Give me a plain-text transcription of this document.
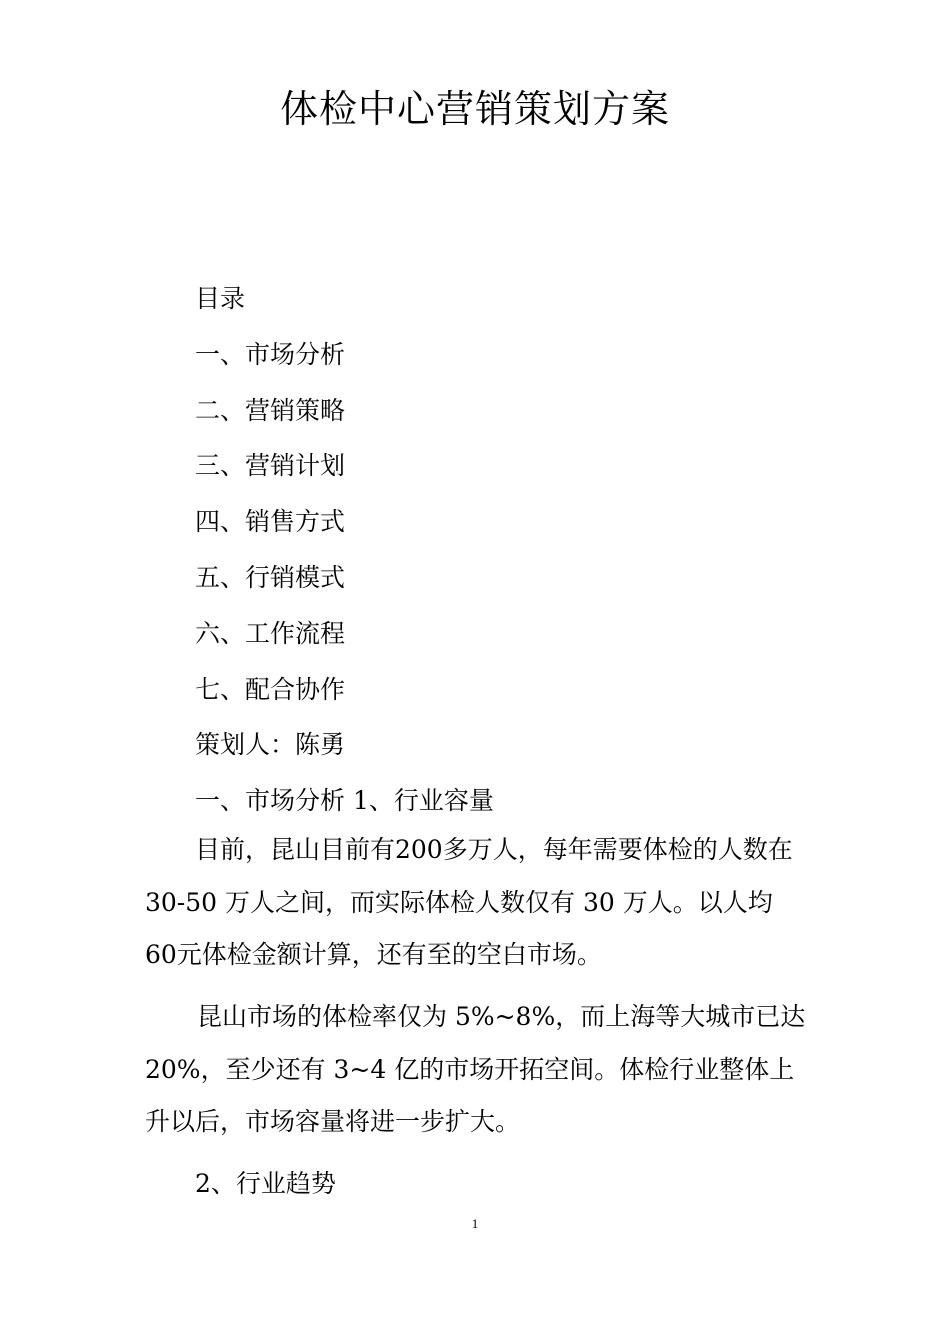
体检中心营销策划方案
目录
一、市场分析
二、营销策略
三、营销计划
四、销售方式
五、行销模式
六、工作流程
七、配合协作
策划人：陈勇
一、市场分析 1、行业容量

目前，昆山目前有200多万人，每年需要体检的人数在30-50 万人之间，而实际体检人数仅有 30 万人。以人均 60元体检金额计算，还有至的空白市场。

昆山市场的体检率仅为 5%~8%，而上海等大城市已达20%，至少还有 3~4 亿的市场开拓空间。体检行业整体上升以后，市场容量将进一步扩大。

2、行业趋势

1
